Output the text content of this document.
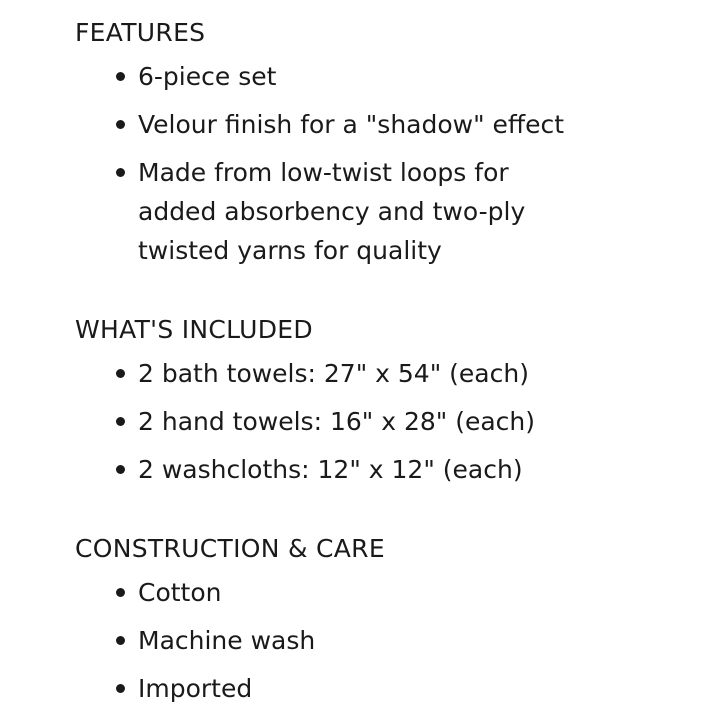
FEATURES
6-piece set
Velour finish for a "shadow" effect
Made from low-twist loops for added absorbency and two-ply twisted yarns for quality
WHAT'S INCLUDED
2 bath towels: 27" x 54" (each)
2 hand towels: 16" x 28" (each)
2 washcloths: 12" x 12" (each)
CONSTRUCTION & CARE
Cotton
Machine wash
Imported
